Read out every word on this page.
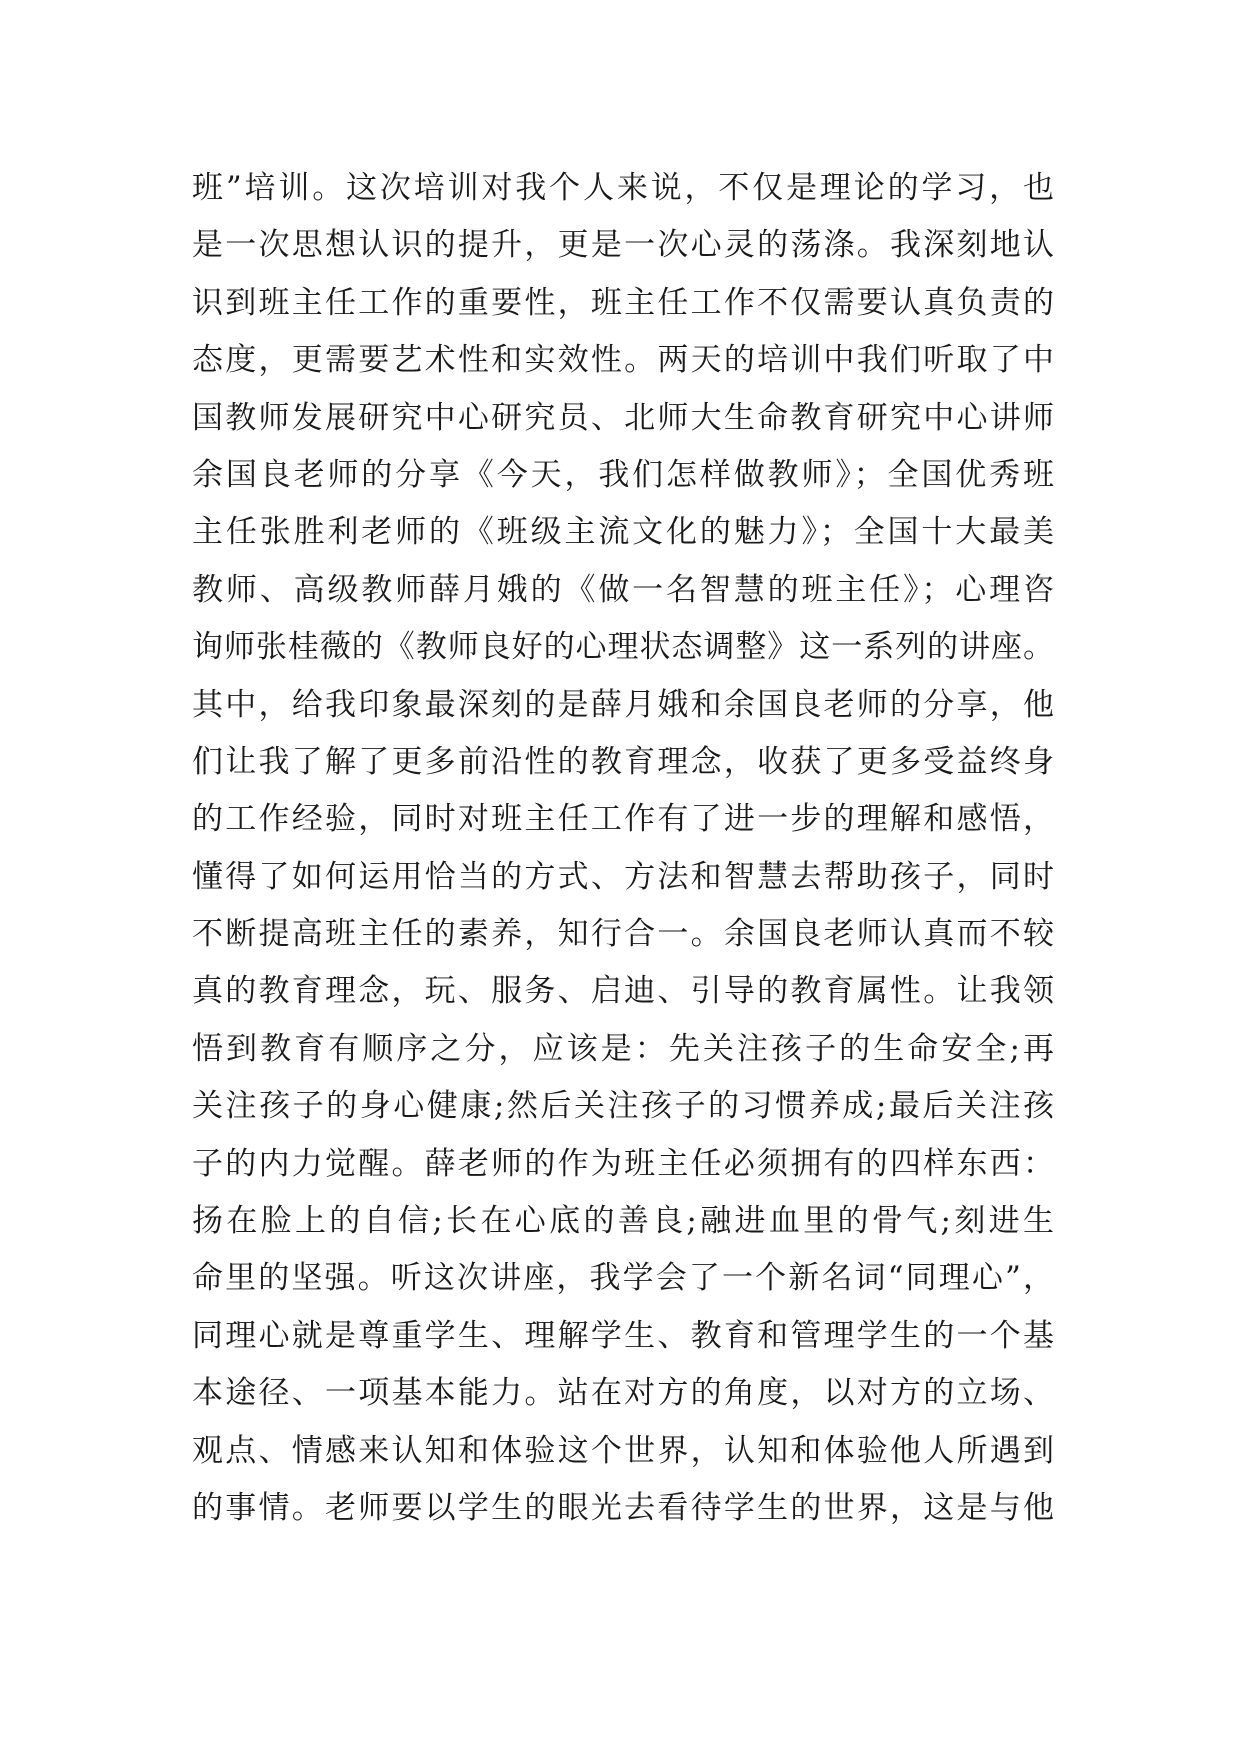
班”培训。这次培训对我个人来说，不仅是理论的学习，也
是一次思想认识的提升，更是一次心灵的荡涤。我深刻地认
识到班主任工作的重要性，班主任工作不仅需要认真负责的
态度，更需要艺术性和实效性。两天的培训中我们听取了中
国教师发展研究中心研究员、北师大生命教育研究中心讲师
余国良老师的分享《今天，我们怎样做教师》；全国优秀班
主任张胜利老师的《班级主流文化的魅力》；全国十大最美
教师、高级教师薛月娥的《做一名智慧的班主任》；心理咨
询师张桂薇的《教师良好的心理状态调整》这一系列的讲座。
其中，给我印象最深刻的是薛月娥和余国良老师的分享，他
们让我了解了更多前沿性的教育理念，收获了更多受益终身
的工作经验，同时对班主任工作有了进一步的理解和感悟，
懂得了如何运用恰当的方式、方法和智慧去帮助孩子，同时
不断提高班主任的素养，知行合一。余国良老师认真而不较
真的教育理念，玩、服务、启迪、引导的教育属性。让我领
悟到教育有顺序之分，应该是：先关注孩子的生命安全;再
关注孩子的身心健康;然后关注孩子的习惯养成;最后关注孩
子的内力觉醒。薛老师的作为班主任必须拥有的四样东西：
扬在脸上的自信;长在心底的善良;融进血里的骨气;刻进生
命里的坚强。听这次讲座，我学会了一个新名词“同理心”，
同理心就是尊重学生、理解学生、教育和管理学生的一个基
本途径、一项基本能力。站在对方的角度，以对方的立场、
观点、情感来认知和体验这个世界，认知和体验他人所遇到
的事情。老师要以学生的眼光去看待学生的世界，这是与他
